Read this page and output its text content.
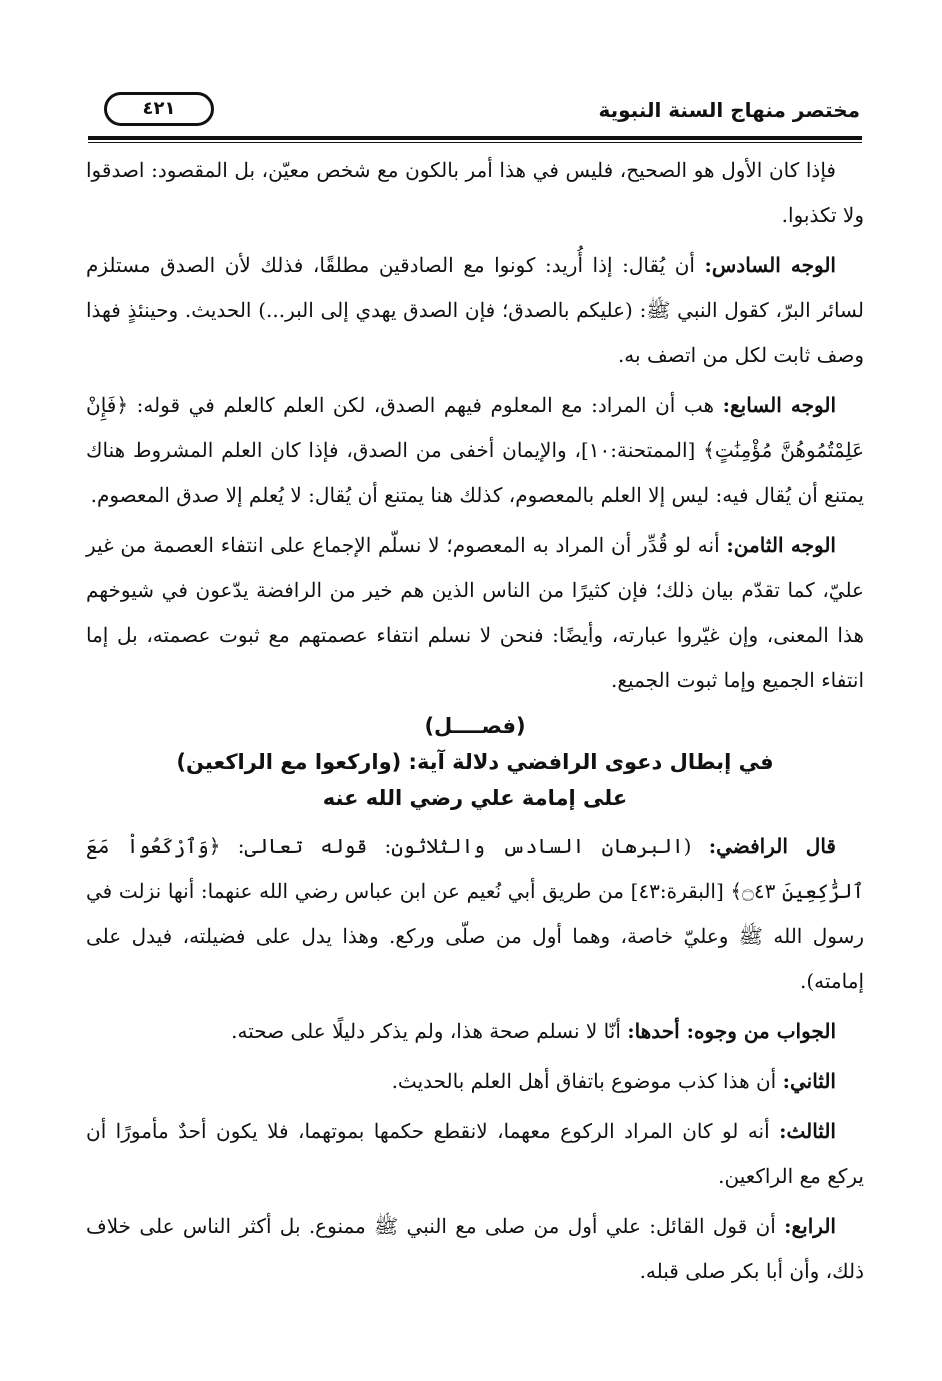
مختصر منهاج السنة النبوية
٤٢١

فإذا كان الأول هو الصحيح، فليس في هذا أمر بالكون مع شخص معيّن، بل المقصود: اصدقوا ولا تكذبوا.

الوجه السادس: أن يُقال: إذا أُريد: كونوا مع الصادقين مطلقًا، فذلك لأن الصدق مستلزم لسائر البرّ، كقول النبي ﷺ: (عليكم بالصدق؛ فإن الصدق يهدي إلى البر...) الحديث. وحينئذٍ فهذا وصف ثابت لكل من اتصف به.

الوجه السابع: هب أن المراد: مع المعلوم فيهم الصدق، لكن العلم كالعلم في قوله: ﴿فَإِنْ عَلِمْتُمُوهُنَّ مُؤْمِنَٰتٍ﴾ [الممتحنة:١٠]، والإيمان أخفى من الصدق، فإذا كان العلم المشروط هناك يمتنع أن يُقال فيه: ليس إلا العلم بالمعصوم، كذلك هنا يمتنع أن يُقال: لا يُعلم إلا صدق المعصوم.

الوجه الثامن: أنه لو قُدِّر أن المراد به المعصوم؛ لا نسلّم الإجماع على انتفاء العصمة من غير عليّ، كما تقدّم بيان ذلك؛ فإن كثيرًا من الناس الذين هم خير من الرافضة يدّعون في شيوخهم هذا المعنى، وإن غيّروا عبارته، وأيضًا: فنحن لا نسلم انتفاء عصمتهم مع ثبوت عصمته، بل إما انتفاء الجميع وإما ثبوت الجميع.

(فصــــل)

في إبطال دعوى الرافضي دلالة آية: (واركعوا مع الراكعين)

على إمامة علي رضي الله عنه

قال الرافضي: (البرهان السادس والثلاثون: قوله تعالى: ﴿وَٱرْكَعُواْ مَعَ ٱلرَّٰكِعِينَ ۝٤٣﴾ [البقرة:٤٣] من طريق أبي نُعيم عن ابن عباس رضي الله عنهما: أنها نزلت في رسول الله ﷺ وعليّ خاصة، وهما أول من صلّى وركع. وهذا يدل على فضيلته، فيدل على إمامته).

الجواب من وجوه: أحدها: أنّا لا نسلم صحة هذا، ولم يذكر دليلًا على صحته.

الثاني: أن هذا كذب موضوع باتفاق أهل العلم بالحديث.

الثالث: أنه لو كان المراد الركوع معهما، لانقطع حكمها بموتهما، فلا يكون أحدٌ مأمورًا أن يركع مع الراكعين.

الرابع: أن قول القائل: علي أول من صلى مع النبي ﷺ ممنوع. بل أكثر الناس على خلاف ذلك، وأن أبا بكر صلى قبله.
